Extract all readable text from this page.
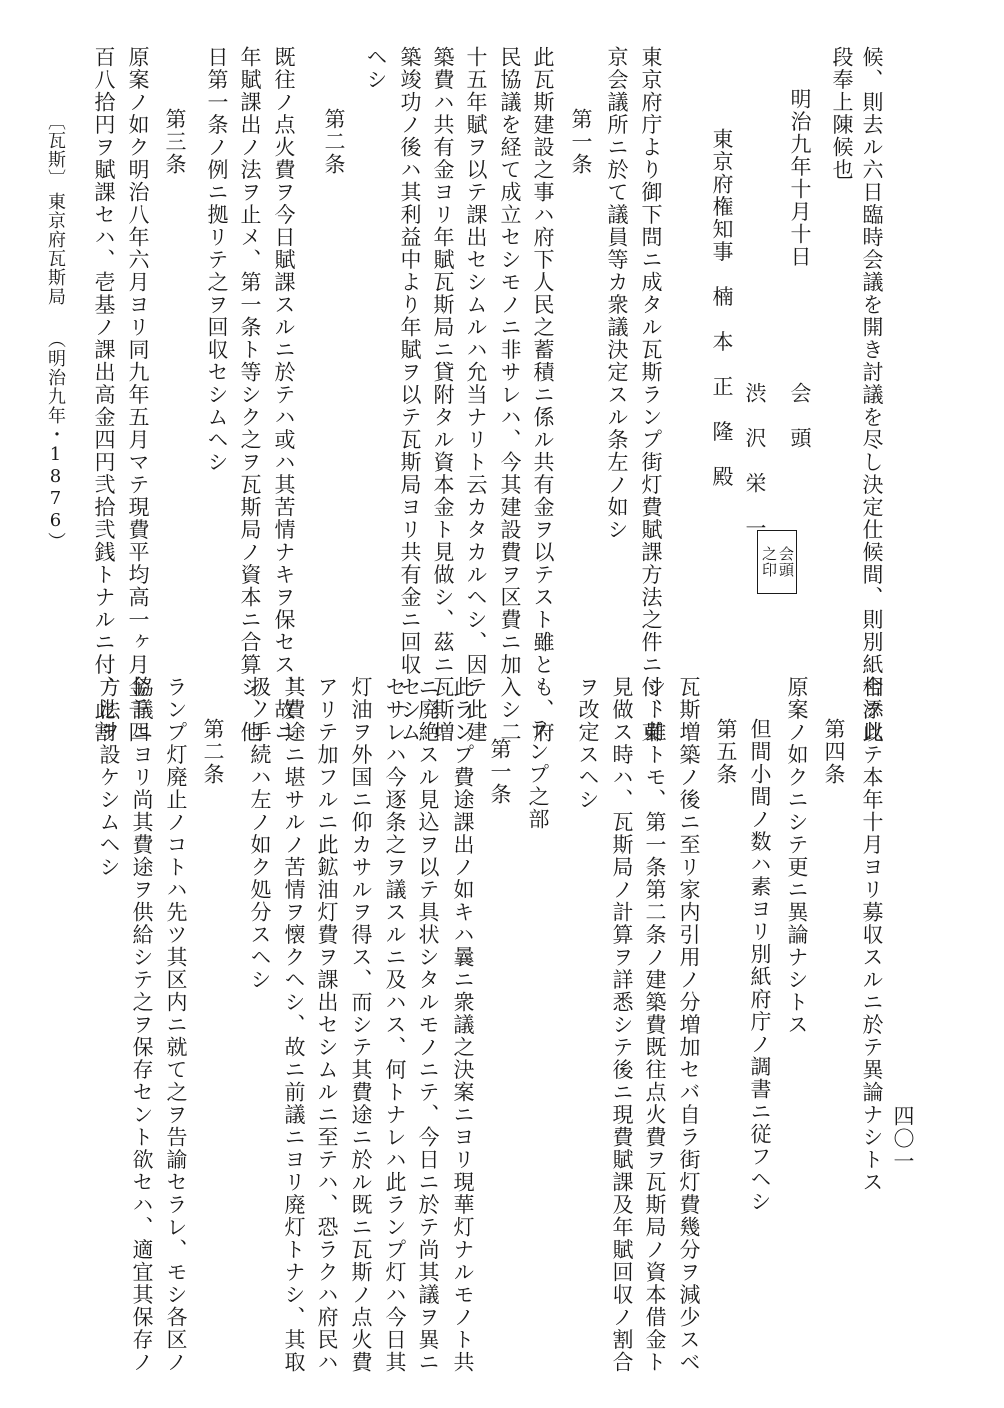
候、則去ル六日臨時会議を開き討議を尽し決定仕候間、則別紙相添此
段奉上陳候也
明治九年十月十日
会　頭
渋　沢　栄　一
東京府権知事　楠　本　正　隆　殿
東京府庁より御下問ニ成タル瓦斯ランプ街灯費賦課方法之件ニ付、東
京会議所ニ於て議員等カ衆議決定スル条左ノ如シ
第一条
此瓦斯建設之事ハ府下人民之蓄積ニ係ル共有金ヲ以テスト雖とも、府
民協議を経て成立セシモノニ非サレハ、今其建設費ヲ区費ニ加入シ二
十五年賦ヲ以テ課出セシムルハ允当ナリト云カタカルヘシ、因テ此建
築費ハ共有金ヨリ年賦瓦斯局ニ貸附タル資本金ト見做シ、茲ニ瓦斯増
築竣功ノ後ハ其利益中より年賦ヲ以テ瓦斯局ヨリ共有金ニ回収セシム
ヘシ
第二条
既往ノ点火費ヲ今日賦課スルニ於テハ或ハ其苦情ナキヲ保セス、故ニ
年賦課出ノ法ヲ止メ、第一条ト等シク之ヲ瓦斯局ノ資本ニ合算シ、他
日第一条ノ例ニ拠リテ之ヲ回収セシムヘシ
第三条
原案ノ如ク明治八年六月ヨリ同九年五月マテ現費平均高一ヶ月金千四
百八拾円ヲ賦課セハ、壱基ノ課出高金四円弐拾弐銭トナルニ付、此割	会頭
之印
合ヲ以テ本年十月ヨリ募収スルニ於テ異論ナシトス
第四条
原案ノ如クニシテ更ニ異論ナシトス
但間小間ノ数ハ素ヨリ別紙府庁ノ調書ニ従フヘシ
第五条
瓦斯増築ノ後ニ至リ家内引用ノ分増加セバ自ラ街灯費幾分ヲ減少スベ
シト雖トモ、第一条第二条ノ建築費既往点火費ヲ瓦斯局ノ資本借金ト
見做ス時ハ、瓦斯局ノ計算ヲ詳悉シテ後ニ現費賦課及年賦回収ノ割合
ヲ改定スヘシ
ランプ之部
第一条
此ランプ費途課出ノ如キハ曩ニ衆議之決案ニヨリ現華灯ナルモノト共
ニ廃絶スル見込ヲ以テ具状シタルモノニテ、今日ニ於テ尚其議ヲ異ニ
セサレハ今逐条之ヲ議スルニ及ハス、何トナレハ此ランプ灯ハ今日其
灯油ヲ外国ニ仰カサルヲ得ス、而シテ其費途ニ於ル既ニ瓦斯ノ点火費
アリテ加フルニ此鉱油灯費ヲ課出セシムルニ至テハ、恐ラクハ府民ハ
其費途ニ堪サルノ苦情ヲ懐クヘシ、故ニ前議ニヨリ廃灯トナシ、其取
扱ノ手続ハ左ノ如ク処分スヘシ
第二条
ランプ灯廃止ノコトハ先ツ其区内ニ就て之ヲ告諭セラレ、モシ各区ノ
協議ニヨリ尚其費途ヲ供給シテ之ヲ保存セント欲セハ、適宜其保存ノ
方法ヲ設ケシムヘシ
〔瓦斯〕
東京府瓦斯局
（明治九年・1876）
四〇一
